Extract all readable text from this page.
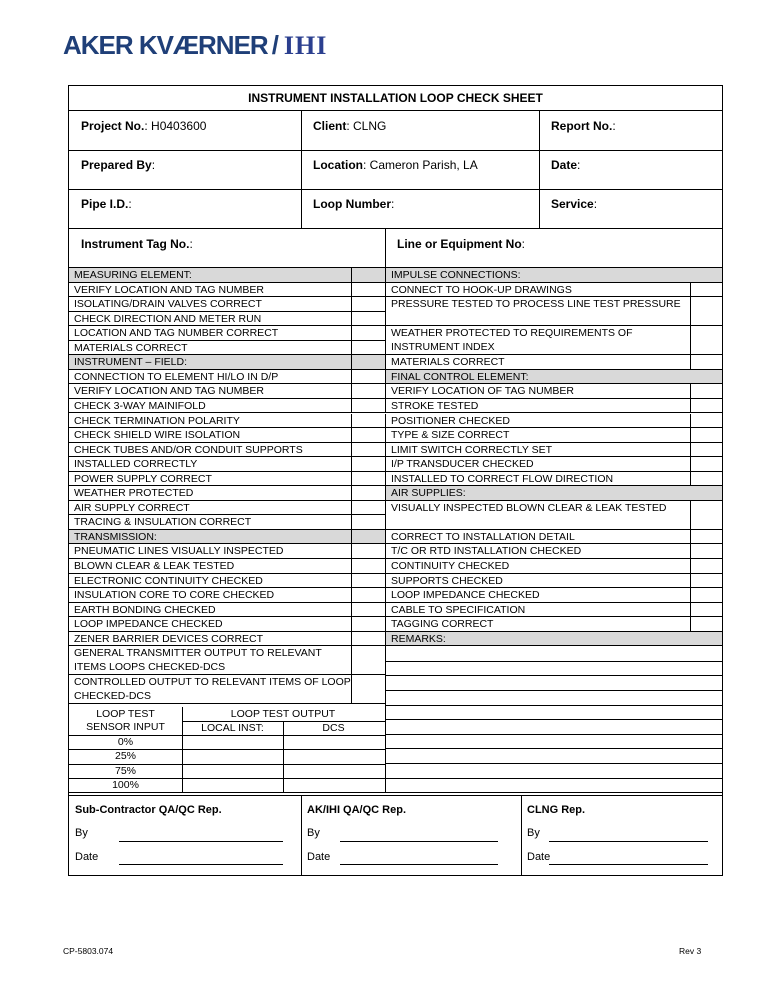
AKER KVÆRNER / IHI
INSTRUMENT INSTALLATION LOOP CHECK SHEET
Project No.: H0403600	Client: CLNG	Report No.:
Prepared By:	Location: Cameron Parish, LA	Date:
Pipe I.D.:	Loop Number:	Service:
Instrument Tag No.:	Line or Equipment No:
MEASURING ELEMENT:
VERIFY LOCATION AND TAG NUMBER
ISOLATING/DRAIN VALVES CORRECT
CHECK DIRECTION AND METER RUN
LOCATION AND TAG NUMBER CORRECT
MATERIALS CORRECT
INSTRUMENT – FIELD:
CONNECTION TO ELEMENT HI/LO IN D/P
VERIFY LOCATION AND TAG NUMBER
CHECK 3-WAY MAINIFOLD
CHECK TERMINATION POLARITY
CHECK SHIELD WIRE ISOLATION
CHECK TUBES AND/OR CONDUIT SUPPORTS
INSTALLED CORRECTLY
POWER SUPPLY CORRECT
WEATHER PROTECTED
AIR SUPPLY CORRECT
TRACING & INSULATION CORRECT
TRANSMISSION:
PNEUMATIC LINES VISUALLY INSPECTED
BLOWN CLEAR & LEAK TESTED
ELECTRONIC CONTINUITY CHECKED
INSULATION CORE TO CORE CHECKED
EARTH BONDING CHECKED
LOOP IMPEDANCE CHECKED
ZENER BARRIER DEVICES CORRECT
GENERAL TRANSMITTER OUTPUT TO RELEVANT ITEMS LOOPS CHECKED-DCS
CONTROLLED OUTPUT TO RELEVANT ITEMS OF LOOP CHECKED-DCS
IMPULSE CONNECTIONS:
CONNECT TO HOOK-UP DRAWINGS
PRESSURE TESTED TO PROCESS LINE TEST PRESSURE
WEATHER PROTECTED TO REQUIREMENTS OF INSTRUMENT INDEX
MATERIALS CORRECT
FINAL CONTROL ELEMENT:
VERIFY LOCATION OF TAG NUMBER
STROKE TESTED
POSITIONER CHECKED
TYPE & SIZE CORRECT
LIMIT SWITCH CORRECTLY SET
I/P TRANSDUCER CHECKED
INSTALLED TO CORRECT FLOW DIRECTION
AIR SUPPLIES:
VISUALLY INSPECTED BLOWN CLEAR & LEAK TESTED
CORRECT TO INSTALLATION DETAIL
T/C OR RTD INSTALLATION CHECKED
CONTINUITY CHECKED
SUPPORTS CHECKED
LOOP IMPEDANCE CHECKED
CABLE TO SPECIFICATION
TAGGING CORRECT
REMARKS:
LOOP TEST
SENSOR INPUT
LOOP TEST OUTPUT
LOCAL INST:	DCS
0%
25%
75%
100%
Sub-Contractor QA/QC Rep.
By
Date
AK/IHI QA/QC Rep.
By
Date
CLNG Rep.
By
Date
CP-5803.074	Rev 3
